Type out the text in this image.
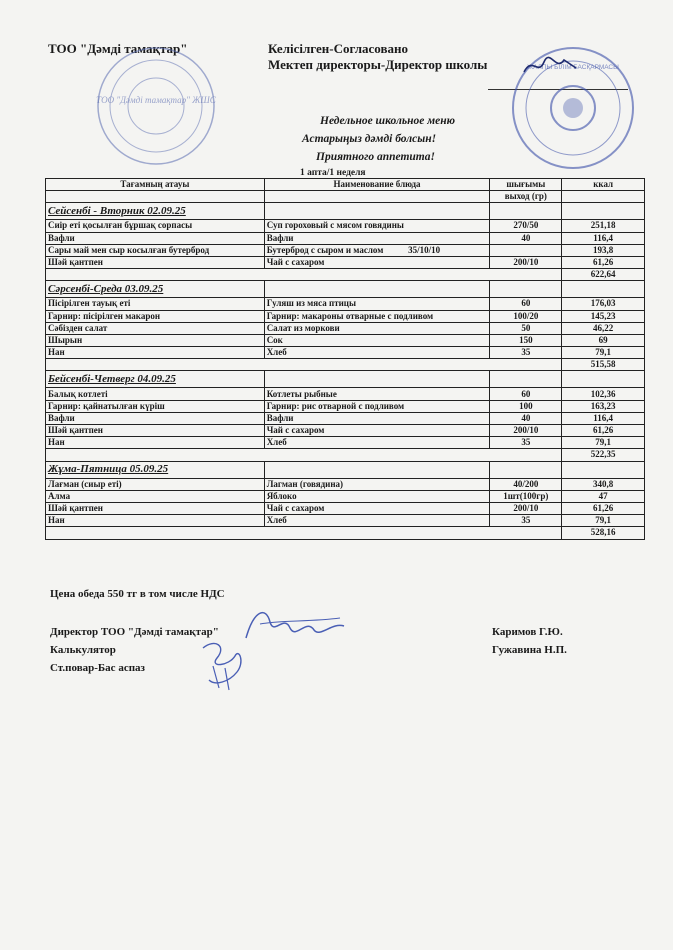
ТОО "Дәмді тамақтар"	Келісілген-Согласовано
Мектеп директоры-Директор школы
ТОО "Дәмді тамақтар" ЖШС
ЖАЛПЫ БІЛІМ БАСҚАРМАСЫ
Недельное школьное меню
Астарыңыз дәмді болсын!
Приятного аппетита!
1 апта/1 неделя
Тағамның атауы	Наименование блюда	шығымы	ккал
		выход (гр)	
Сейсенбі - Вторник 02.09.25			
Сиір еті қосылған бұршақ сорпасы	Суп гороховый с мясом говядины	270/50	251,18
Вафли	Вафли	40	116,4
Сары май мен сыр косылған бутерброд	Бутерброд с сыром и маслом           35/10/10		193,8
Шәй қантпен	Чай с сахаром	200/10	61,26
			622,64
Сәрсенбі-Среда 03.09.25			
Пісірілген тауық еті	Гуляш из мяса птицы	60	176,03
Гарнир: пісірілген макарон	Гарнир: макароны отварные с подливом	100/20	145,23
Сәбізден салат	Салат из моркови	50	46,22
Шырын	Сок	150	69
Нан	Хлеб	35	79,1
			515,58
Бейсенбі-Четверг 04.09.25			
Балық котлеті	Котлеты рыбные	60	102,36
Гарнир: қайнатылған күріш	Гарнир: рис отварной с подливом	100	163,23
Вафли	Вафли	40	116,4
Шәй қантпен	Чай с сахаром	200/10	61,26
Нан	Хлеб	35	79,1
			522,35
Жұма-Пятница 05.09.25			
Лағман (сиыр еті)	Лагман (говядина)	40/200	340,8
Алма	Яблоко	1шт(100гр)	47
Шәй қантпен	Чай с сахаром	200/10	61,26
Нан	Хлеб	35	79,1
			528,16
Цена обеда 550 тг в том числе НДС
Директор ТОО "Дәмді тамақтар"	Каримов Г.Ю.
Калькулятор	Гужавина Н.П.
Ст.повар-Бас аспаз
